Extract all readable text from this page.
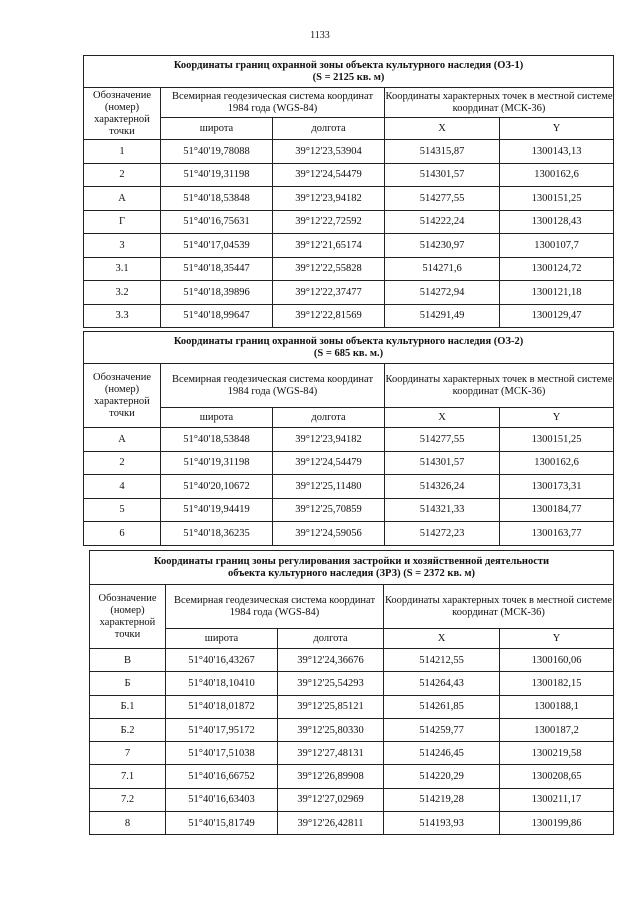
1133
Координаты границ охранной зоны объекта культурного наследия (ОЗ-1)
(S = 2125 кв. м)				
Обозначение (номер) характерной точки	Всемирная геодезическая система координат 1984 года (WGS-84)		Координаты характерных точек в местной системе координат (МСК-36)	
	широта	долгота	X	Y
1	51°40'19,78088	39°12'23,53904	514315,87	1300143,13
2	51°40'19,31198	39°12'24,54479	514301,57	1300162,6
А	51°40'18,53848	39°12'23,94182	514277,55	1300151,25
Г	51°40'16,75631	39°12'22,72592	514222,24	1300128,43
3	51°40'17,04539	39°12'21,65174	514230,97	1300107,7
3.1	51°40'18,35447	39°12'22,55828	514271,6	1300124,72
3.2	51°40'18,39896	39°12'22,37477	514272,94	1300121,18
3.3	51°40'18,99647	39°12'22,81569	514291,49	1300129,47
Координаты границ охранной зоны объекта культурного наследия (ОЗ-2)
(S = 685 кв. м.)				
Обозначение (номер) характерной точки	Всемирная геодезическая система координат 1984 года (WGS-84)		Координаты характерных точек в местной системе координат (МСК-36)	
	широта	долгота	X	Y
А	51°40'18,53848	39°12'23,94182	514277,55	1300151,25
2	51°40'19,31198	39°12'24,54479	514301,57	1300162,6
4	51°40'20,10672	39°12'25,11480	514326,24	1300173,31
5	51°40'19,94419	39°12'25,70859	514321,33	1300184,77
6	51°40'18,36235	39°12'24,59056	514272,23	1300163,77
Координаты границ зоны регулирования застройки и хозяйственной деятельности
объекта культурного наследия (ЗРЗ) (S = 2372 кв. м)				
Обозначение (номер) характерной точки	Всемирная геодезическая система координат 1984 года (WGS-84)		Координаты характерных точек в местной системе координат (МСК-36)	
	широта	долгота	X	Y
В	51°40'16,43267	39°12'24,36676	514212,55	1300160,06
Б	51°40'18,10410	39°12'25,54293	514264,43	1300182,15
Б.1	51°40'18,01872	39°12'25,85121	514261,85	1300188,1
Б.2	51°40'17,95172	39°12'25,80330	514259,77	1300187,2
7	51°40'17,51038	39°12'27,48131	514246,45	1300219,58
7.1	51°40'16,66752	39°12'26,89908	514220,29	1300208,65
7.2	51°40'16,63403	39°12'27,02969	514219,28	1300211,17
8	51°40'15,81749	39°12'26,42811	514193,93	1300199,86
